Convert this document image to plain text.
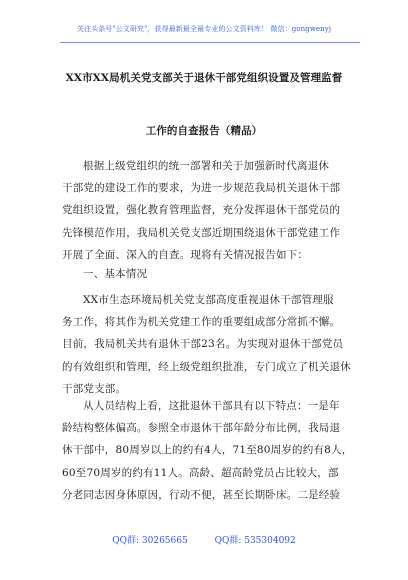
关注头条号"公文研究"，获得最新最全最专业的公文资料库！ 微信：gongwenyj
XX市XX局机关党支部关于退休干部党组织设置及管理监督
工作的自查报告（精品）
根据上级党组织的统一部署和关于加强新时代离退休
干部党的建设工作的要求，为进一步规范我局机关退休干部
党组织设置，强化教育管理监督，充分发挥退休干部党员的
先锋模范作用，我局机关党支部近期围绕退休干部党建工作
开展了全面、深入的自查。现将有关情况报告如下：
一、基本情况
XX市生态环境局机关党支部高度重视退休干部管理服
务工作，将其作为机关党建工作的重要组成部分常抓不懈。
目前，我局机关共有退休干部23名。为实现对退休干部党员
的有效组织和管理，经上级党组织批准，专门成立了机关退休
干部党支部。
从人员结构上看，这批退休干部具有以下特点：一是年
龄结构整体偏高。参照全市退休干部年龄分布比例，我局退
休干部中，80周岁以上的约有4人，71至80周岁的约有8人，
60至70周岁的约有11人。高龄、超高龄党员占比较大，部
分老同志因身体原因，行动不便，甚至长期卧床。二是经验
QQ群: 30265665	QQ群: 535304092
